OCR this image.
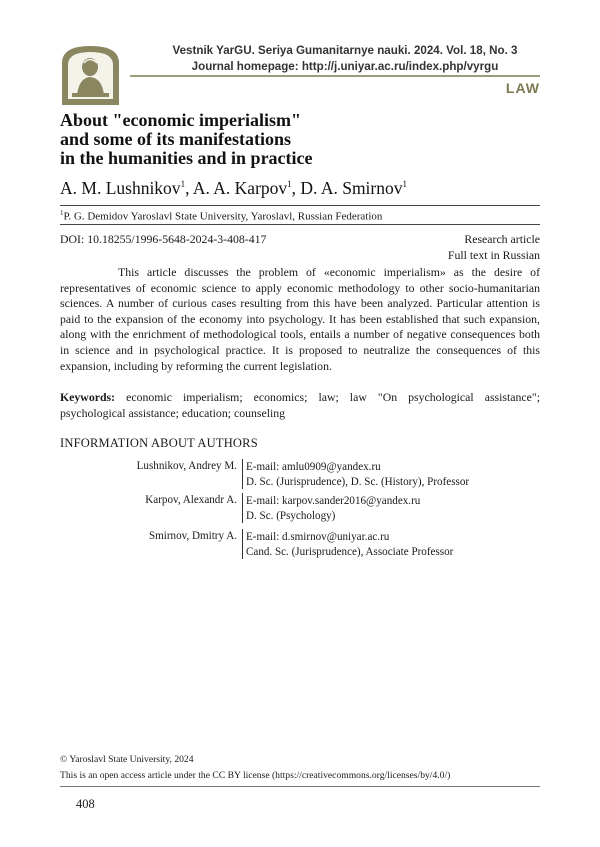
Vestnik YarGU. Seriya Gumanitarnye nauki. 2024. Vol. 18, No. 3
Journal homepage: http://j.uniyar.ac.ru/index.php/vyrgu
LAW
About "economic imperialism"
and some of its manifestations
in the humanities and in practice
A. M. Lushnikov$^1$, A. A. Karpov$^1$, D. A. Smirnov$^1$
$^1$P. G. Demidov Yaroslavl State University, Yaroslavl, Russian Federation
DOI: 10.18255/1996-5648-2024-3-408-417	Research article
Full text in Russian

This article discusses the problem of «economic imperialism» as the desire of representatives of economic science to apply economic methodology to other socio-humanitarian sciences. A number of curious cases resulting from this have been analyzed. Particular attention is paid to the expansion of the economy into psychology. It has been established that such expansion, along with the enrichment of methodological tools, entails a number of negative consequences both in science and in psychological practice. It is proposed to neutralize the consequences of this expansion, including by reforming the current legislation.

Keywords: economic imperialism; economics; law; law "On psychological assistance"; psychological assistance; education; counseling
INFORMATION ABOUT AUTHORS
Lushnikov, Andrey M. E-mail: amlu0909@yandex.ru
D. Sc. (Jurisprudence), D. Sc. (History), Professor
Karpov, Alexandr A. E-mail: karpov.sander2016@yandex.ru
D. Sc. (Psychology)
Smirnov, Dmitry A. E-mail: d.smirnov@uniyar.ac.ru
Cand. Sc. (Jurisprudence), Associate Professor
© Yaroslavl State University, 2024
This is an open access article under the CC BY license (https://creativecommons.org/licenses/by/4.0/)
408
